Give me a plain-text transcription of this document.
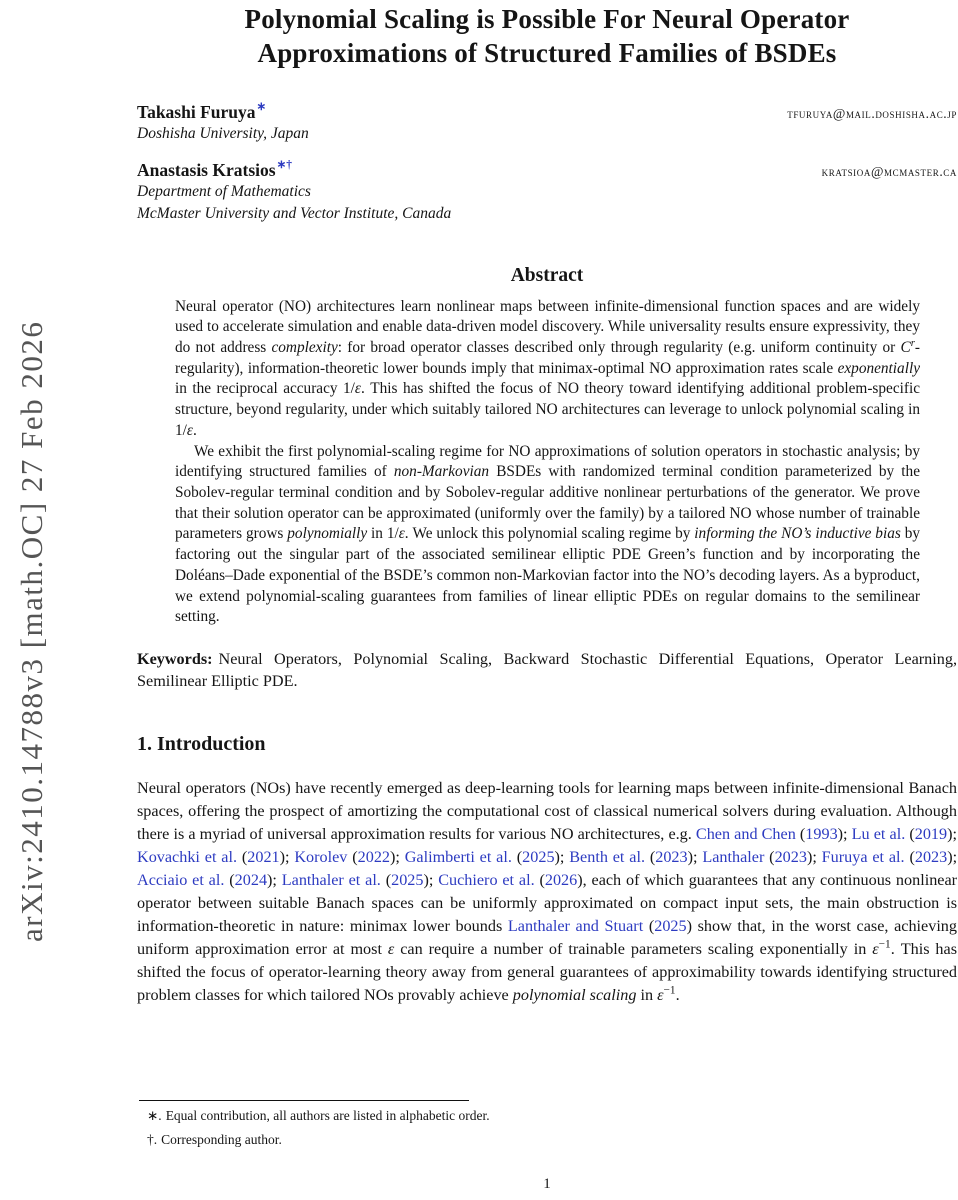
arXiv:2410.14788v3 [math.OC] 27 Feb 2026
Polynomial Scaling is Possible For Neural Operator
Approximations of Structured Families of BSDEs
Takashi Furuya∗	tfuruya@mail.doshisha.ac.jp
Doshisha University, Japan
Anastasis Kratsios∗†	kratsioa@mcmaster.ca
Department of Mathematics
McMaster University and Vector Institute, Canada
Abstract

Neural operator (NO) architectures learn nonlinear maps between infinite-dimensional function spaces and are widely used to accelerate simulation and enable data-driven model discovery. While universality results ensure expressivity, they do not address complexity: for broad operator classes described only through regularity (e.g. uniform continuity or $C^r-regularity$), information-theoretic lower bounds imply that minimax-optimal NO approximation rates scale exponentially in the reciprocal accuracy 1/ε. This has shifted the focus of NO theory toward identifying additional problem-specific structure, beyond regularity, under which suitably tailored NO architectures can leverage to unlock polynomial scaling in 1/ε.

We exhibit the first polynomial-scaling regime for NO approximations of solution operators in stochastic analysis; by identifying structured families of non-Markovian BSDEs with randomized terminal condition parameterized by the Sobolev-regular terminal condition and by Sobolev-regular additive nonlinear perturbations of the generator. We prove that their solution operator can be approximated (uniformly over the family) by a tailored NO whose number of trainable parameters grows polynomially in 1/ε. We unlock this polynomial scaling regime by informing the NO’s inductive bias by factoring out the singular part of the associated semilinear elliptic PDE Green’s function and by incorporating the Doléans–Dade exponential of the BSDE’s common non-Markovian factor into the NO’s decoding layers. As a byproduct, we extend polynomial-scaling guarantees from families of linear elliptic PDEs on regular domains to the semilinear setting.

Keywords: Neural Operators, Polynomial Scaling, Backward Stochastic Differential Equations, Operator Learning, Semilinear Elliptic PDE.

1. Introduction

Neural operators (NOs) have recently emerged as deep-learning tools for learning maps between infinite-dimensional Banach spaces, offering the prospect of amortizing the computational cost of classical numerical solvers during evaluation. Although there is a myriad of universal approximation results for various NO architectures, e.g. Chen and Chen (1993); Lu et al. (2019); Kovachki et al. (2021); Korolev (2022); Galimberti et al. (2025); Benth et al. (2023); Lanthaler (2023); Furuya et al. (2023); Acciaio et al. (2024); Lanthaler et al. (2025); Cuchiero et al. (2026), each of which guarantees that any continuous nonlinear operator between suitable Banach spaces can be uniformly approximated on compact input sets, the main obstruction is information-theoretic in nature: minimax lower bounds Lanthaler and Stuart (2025) show that, in the worst case, achieving uniform approximation error at most ε can require a number of trainable parameters scaling exponentially in $\varepsilon^{-1}$. This has shifted the focus of operator-learning theory away from general guarantees of approximability towards identifying structured problem classes for which tailored NOs provably achieve polynomial scaling in $\varepsilon^{-1}$.

∗. Equal contribution, all authors are listed in alphabetic order.
†. Corresponding author.
1
